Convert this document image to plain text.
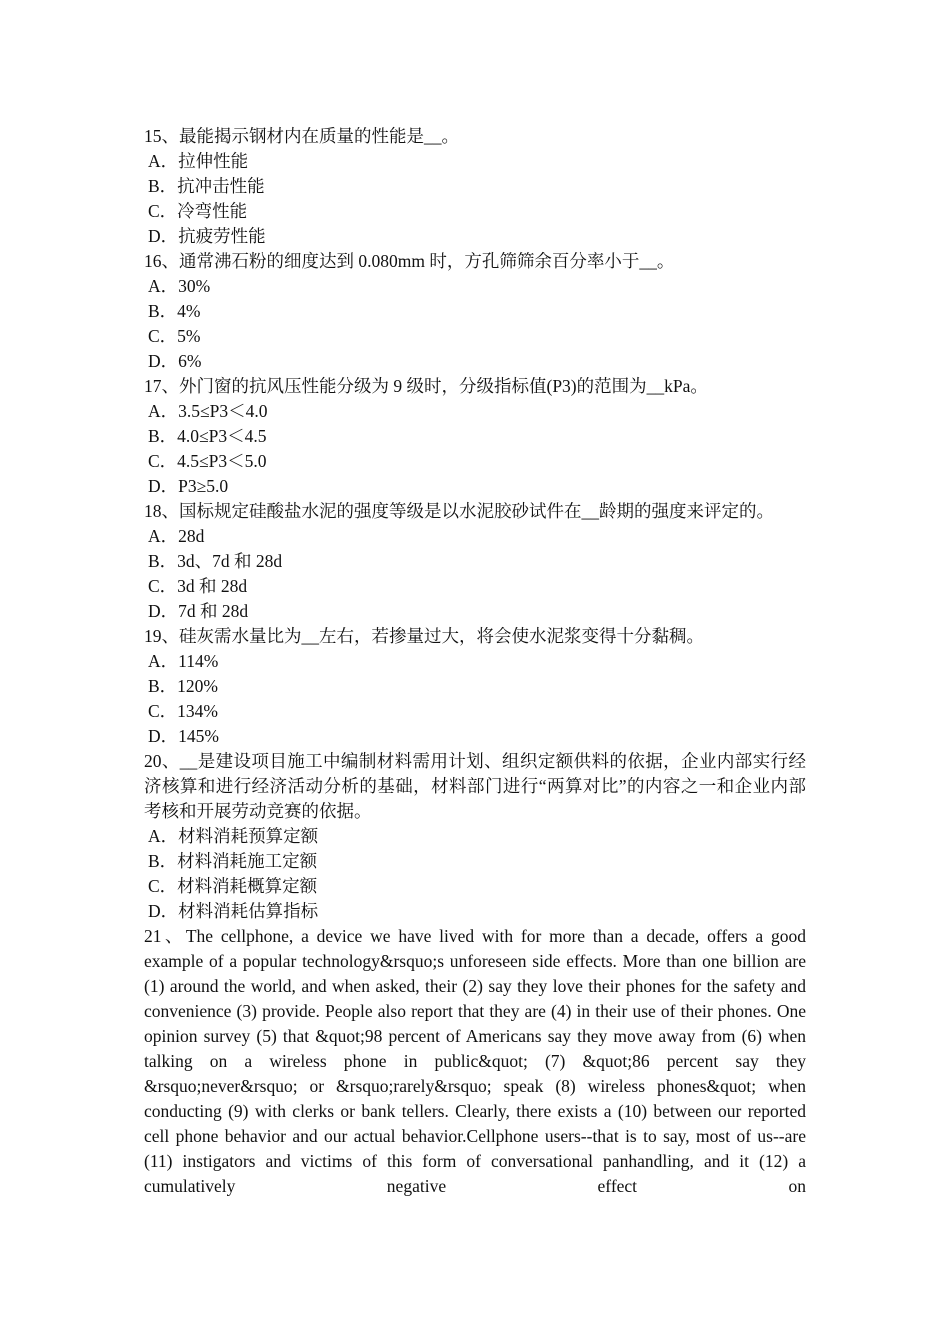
15、最能揭示钢材内在质量的性能是__。

A．拉伸性能

B．抗冲击性能

C．冷弯性能

D．抗疲劳性能

16、通常沸石粉的细度达到 0.080mm 时，方孔筛筛余百分率小于__。

A．30%

B．4%

C．5%

D．6%

17、外门窗的抗风压性能分级为 9 级时，分级指标值(P3)的范围为__kPa。

A．3.5≤P3＜4.0

B．4.0≤P3＜4.5

C．4.5≤P3＜5.0

D．P3≥5.0

18、国标规定硅酸盐水泥的强度等级是以水泥胶砂试件在__龄期的强度来评定的。

A．28d

B．3d、7d 和 28d

C．3d 和 28d

D．7d 和 28d

19、硅灰需水量比为__左右，若掺量过大，将会使水泥浆变得十分黏稠。

A．114%

B．120%

C．134%

D．145%

20、__是建设项目施工中编制材料需用计划、组织定额供料的依据，企业内部实行经济核算和进行经济活动分析的基础，材料部门进行“两算对比”的内容之一和企业内部考核和开展劳动竞赛的依据。

A．材料消耗预算定额

B．材料消耗施工定额

C．材料消耗概算定额

D．材料消耗估算指标

21、The cellphone, a device we have lived with for more than a decade, offers a good example of a popular technology&rsquo;s unforeseen side effects. More than one billion are (1) around the world, and when asked, their (2) say they love their phones for the safety and convenience (3) provide. People also report that they are (4) in their use of their phones. One opinion survey (5) that &quot;98 percent of Americans say they move away from (6) when talking on a wireless phone in public&quot; (7) &quot;86 percent say they &rsquo;never&rsquo; or &rsquo;rarely&rsquo; speak (8) wireless phones&quot; when conducting (9) with clerks or bank tellers. Clearly, there exists a (10) between our reported cell phone behavior and our actual behavior.Cellphone users--that is to say, most of us--are (11) instigators and victims of this form of conversational panhandling, and it (12) a cumulatively negative effect on
